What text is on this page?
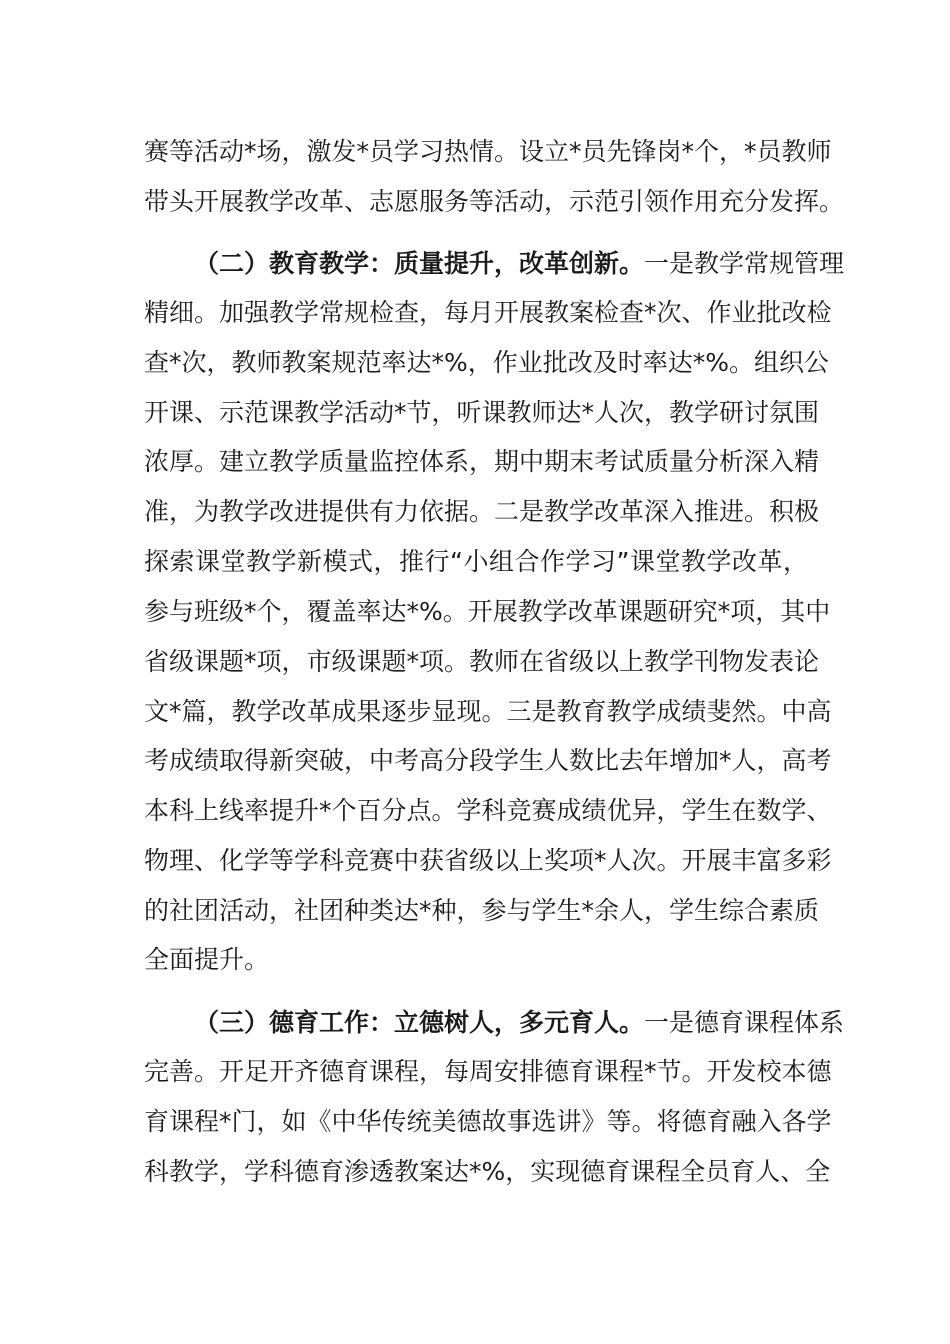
赛等活动*场，激发*员学习热情。设立*员先锋岗*个，*员教师
带头开展教学改革、志愿服务等活动，示范引领作用充分发挥。
（二）教育教学：质量提升，改革创新。一是教学常规管理
精细。加强教学常规检查，每月开展教案检查*次、作业批改检
查*次，教师教案规范率达*%，作业批改及时率达*%。组织公
开课、示范课教学活动*节，听课教师达*人次，教学研讨氛围
浓厚。建立教学质量监控体系，期中期末考试质量分析深入精
准，为教学改进提供有力依据。二是教学改革深入推进。积极
探索课堂教学新模式，推行“小组合作学习”课堂教学改革，
参与班级*个，覆盖率达*%。开展教学改革课题研究*项，其中
省级课题*项，市级课题*项。教师在省级以上教学刊物发表论
文*篇，教学改革成果逐步显现。三是教育教学成绩斐然。中高
考成绩取得新突破，中考高分段学生人数比去年增加*人，高考
本科上线率提升*个百分点。学科竞赛成绩优异，学生在数学、
物理、化学等学科竞赛中获省级以上奖项*人次。开展丰富多彩
的社团活动，社团种类达*种，参与学生*余人，学生综合素质
全面提升。
（三）德育工作：立德树人，多元育人。一是德育课程体系
完善。开足开齐德育课程，每周安排德育课程*节。开发校本德
育课程*门，如《中华传统美德故事选讲》等。将德育融入各学
科教学，学科德育渗透教案达*%，实现德育课程全员育人、全
